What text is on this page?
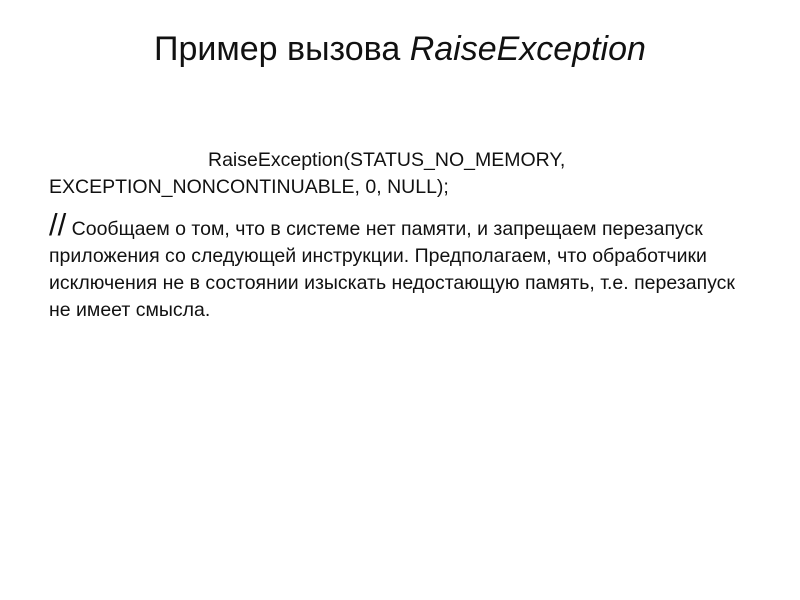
Пример вызова RaiseException

RaiseException(STATUS_NO_MEMORY,

EXCEPTION_NONCONTINUABLE, 0, NULL);

// Сообщаем о том, что в системе нет памяти, и запрещаем перезапуск приложения со следующей инструкции. Предполагаем, что обработчики исключения не в состоянии изыскать недостающую память, т.е. перезапуск не имеет смысла.
